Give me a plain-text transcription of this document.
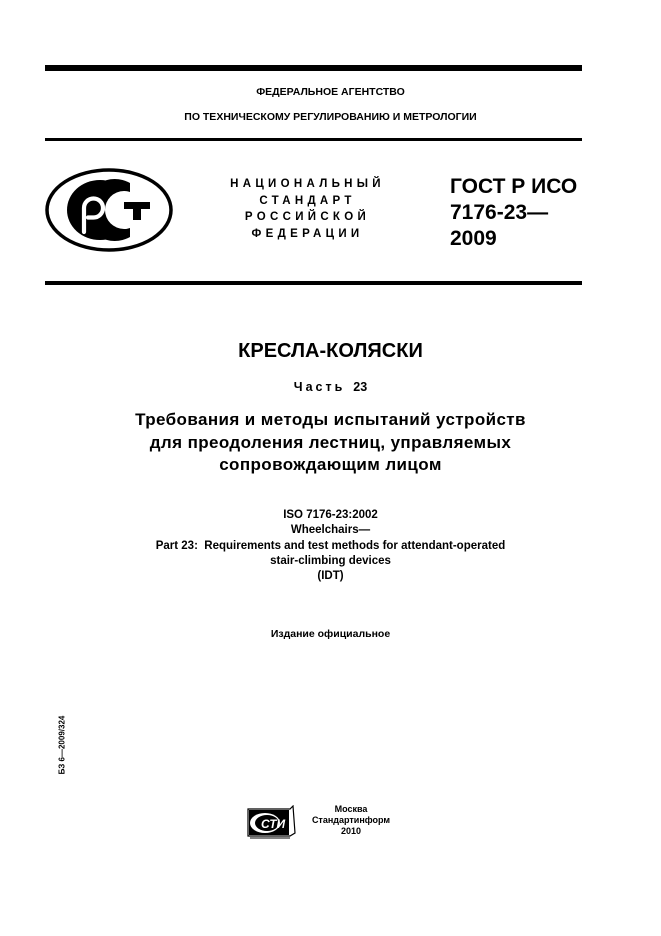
ФЕДЕРАЛЬНОЕ АГЕНТСТВО
ПО ТЕХНИЧЕСКОМУ РЕГУЛИРОВАНИЮ И МЕТРОЛОГИИ
НАЦИОНАЛЬНЫЙ
СТАНДАРТ
РОССИЙСКОЙ
ФЕДЕРАЦИИ
ГОСТ Р ИСО
7176-23—
2009
КРЕСЛА-КОЛЯСКИ
Часть 23
Требования и методы испытаний устройств
для преодоления лестниц, управляемых
сопровождающим лицом
ISO 7176-23:2002
Wheelchairs—
Part 23:  Requirements and test methods for attendant-operated
stair-climbing devices
(IDT)
Издание официальное
БЗ 6—2009/324
СТИ
Москва
Стандартинформ
2010
